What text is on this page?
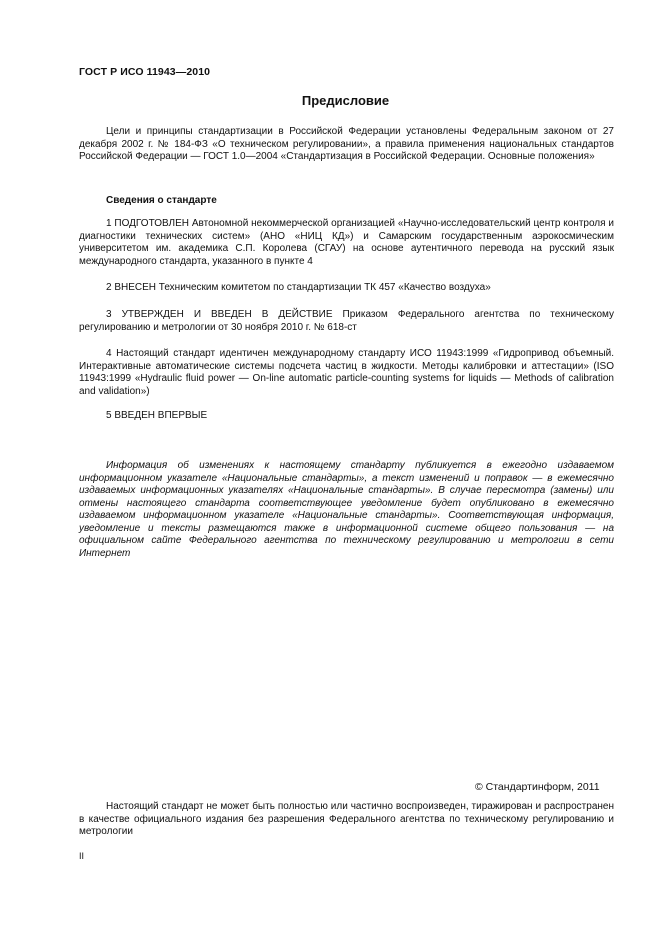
ГОСТ Р ИСО 11943—2010
Предисловие

Цели и принципы стандартизации в Российской Федерации установлены Федеральным законом от 27 декабря 2002 г. № 184-ФЗ «О техническом регулировании», а правила применения национальных стандартов Российской Федерации — ГОСТ 1.0—2004 «Стандартизация в Российской Федерации. Основные положения»

Сведения о стандарте

1 ПОДГОТОВЛЕН Автономной некоммерческой организацией «Научно-исследовательский центр контроля и диагностики технических систем» (АНО «НИЦ КД») и Самарским государственным аэрокосмическим университетом им. академика С.П. Королева (СГАУ) на основе аутентичного перевода на русский язык международного стандарта, указанного в пункте 4

2 ВНЕСЕН Техническим комитетом по стандартизации ТК 457 «Качество воздуха»

3 УТВЕРЖДЕН И ВВЕДЕН В ДЕЙСТВИЕ Приказом Федерального агентства по техническому регулированию и метрологии от 30 ноября 2010 г. № 618-ст

4 Настоящий стандарт идентичен международному стандарту ИСО 11943:1999 «Гидропривод объемный. Интерактивные автоматические системы подсчета частиц в жидкости. Методы калибровки и аттестации» (ISO 11943:1999 «Hydraulic fluid power — On-line automatic particle-counting systems for liquids — Methods of calibration and validation»)

5 ВВЕДЕН ВПЕРВЫЕ

Информация об изменениях к настоящему стандарту публикуется в ежегодно издаваемом информационном указателе «Национальные стандарты», а текст изменений и поправок — в ежемесячно издаваемых информационных указателях «Национальные стандарты». В случае пересмотра (замены) или отмены настоящего стандарта соответствующее уведомление будет опубликовано в ежемесячно издаваемом информационном указателе «Национальные стандарты». Соответствующая информация, уведомление и тексты размещаются также в информационной системе общего пользования — на официальном сайте Федерального агентства по техническому регулированию и метрологии в сети Интернет

© Стандартинформ, 2011

Настоящий стандарт не может быть полностью или частично воспроизведен, тиражирован и распространен в качестве официального издания без разрешения Федерального агентства по техническому регулированию и метрологии

II
